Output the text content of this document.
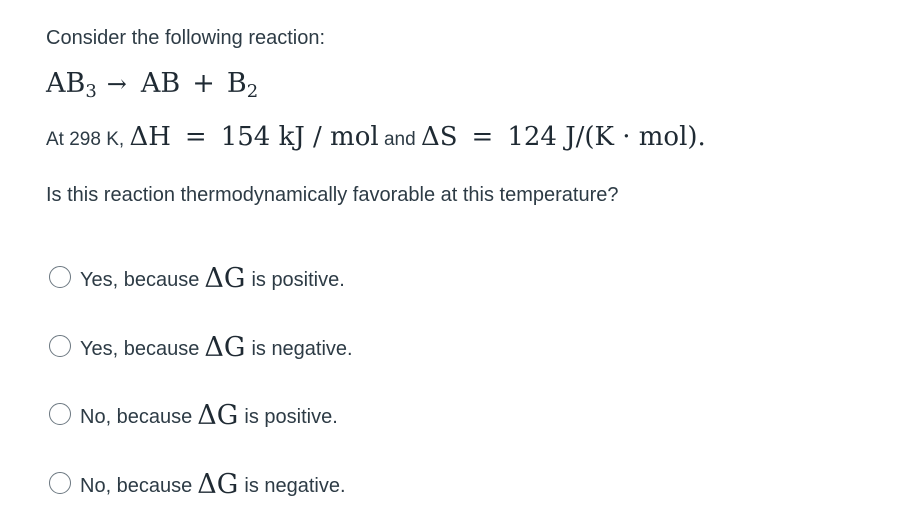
Consider the following reaction:
$AB_3$ → AB + $B_2$
At 298 K, ΔH = 154 kJ / mol and ΔS = 124 J/(K · mol).
Is this reaction thermodynamically favorable at this temperature?
Yes, because ΔG is positive.
Yes, because ΔG is negative.
No, because ΔG is positive.
No, because ΔG is negative.
